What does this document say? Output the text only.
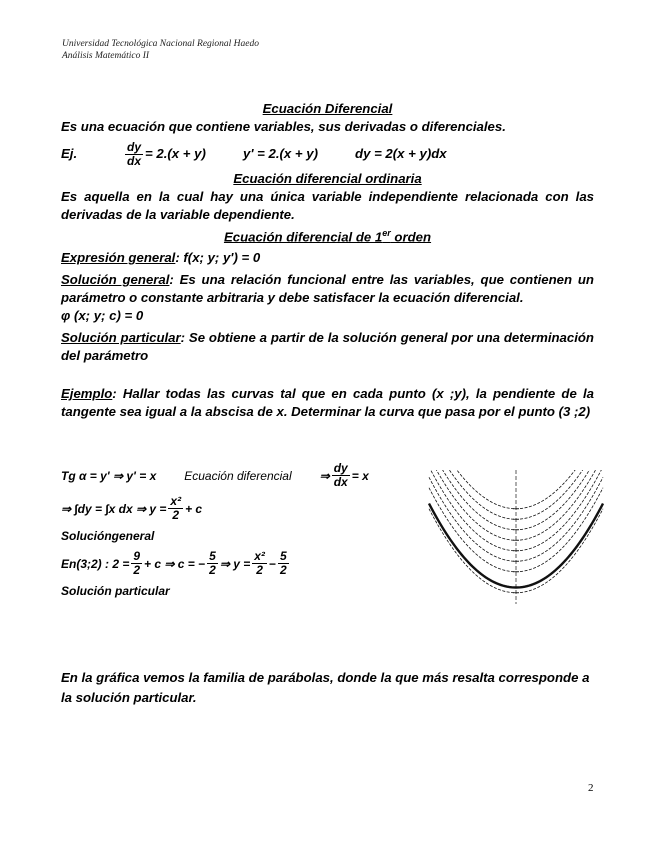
Universidad Tecnológica Nacional Regional Haedo
Análisis Matemático II

Ecuación Diferencial

Es una ecuación que contiene variables, sus derivadas o diferenciales.

Ej.	$\frac{dy}{dx} = 2.(x + y)$	y' = 2.(x + y)	dy = 2(x + y)dx

Ecuación diferencial ordinaria

Es aquella en la cual hay una única variable independiente relacionada con las derivadas de la variable dependiente.

Ecuación diferencial de 1er orden

Expresión general: f(x; y; y') = 0

Solución general: Es una relación funcional entre las variables, que contienen un parámetro o constante arbitraria y debe satisfacer la ecuación diferencial.

φ (x; y; c) = 0

Solución particular: Se obtiene a partir de la solución general por una determinación del parámetro

Ejemplo: Hallar todas las curvas tal que en cada punto (x ;y), la pendiente de la tangente sea igual a la abscisa de x. Determinar la curva que pasa por el punto (3 ;2)

Tg α = y' ⇒ y' = x Ecuación diferencial ⇒ $\frac{dy}{dx} = x$
⇒ ∫dy = ∫x dx ⇒ $y = \frac{\text{x²}}{2} + c$
Solucióngeneral
En(3;2) : $2 = \frac{9}{2} + c$ ⇒ c = − $\frac{5}{2}$ ⇒ $y = \frac{\text{x²}}{2} - \frac{5}{2}$
Solución particular
En la gráfica vemos la familia de parábolas, donde la que más resalta corresponde a la solución particular.
2
